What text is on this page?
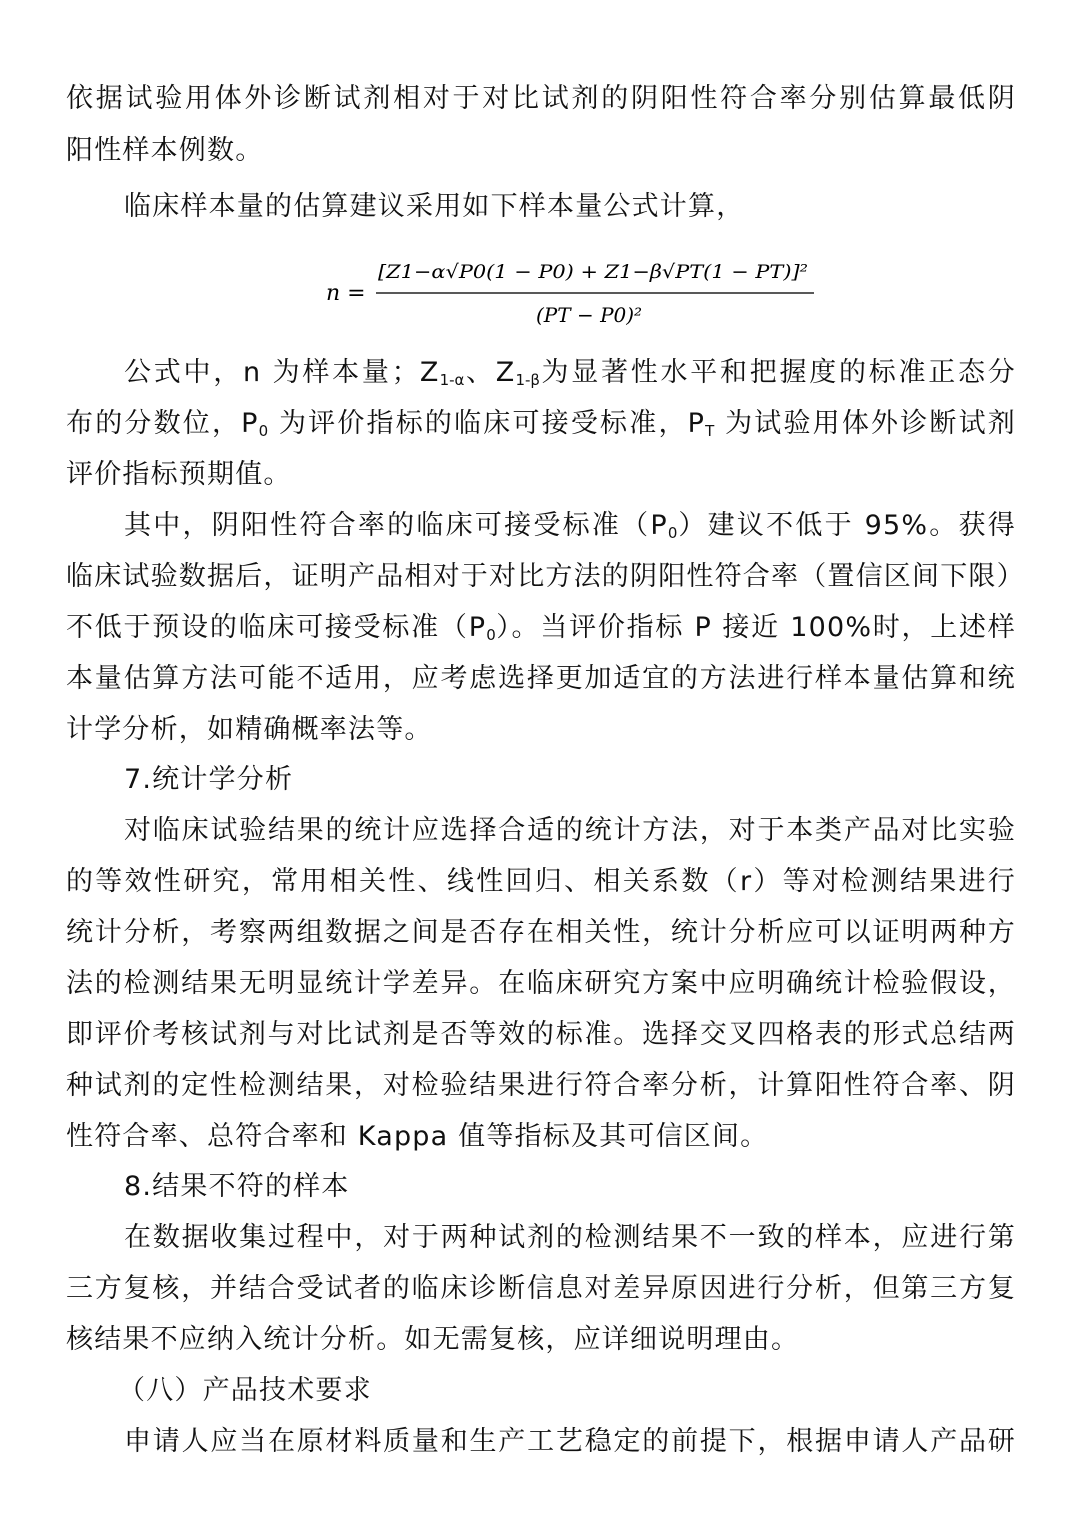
依据试验用体外诊断试剂相对于对比试剂的阴阳性符合率分别估算最低阴

阳性样本例数。

临床样本量的估算建议采用如下样本量公式计算，

n =
[Z1−α√P0(1 − P0) + Z1−β√PT(1 − PT)]²
(PT − P0)²

公式中，n 为样本量；$Z_{1-\alpha}$、$Z_{1-\beta}$为显著性水平和把握度的标准正态分

布的分数位，$P_0$ 为评价指标的临床可接受标准，$P_T$ 为试验用体外诊断试剂

评价指标预期值。

其中，阴阳性符合率的临床可接受标准$(P_0)$建议不低于 95%。获得

临床试验数据后，证明产品相对于对比方法的阴阳性符合率（置信区间下限）

不低于预设的临床可接受标准$(P_0)$。当评价指标 P 接近 100%时，上述样

本量估算方法可能不适用，应考虑选择更加适宜的方法进行样本量估算和统

计学分析，如精确概率法等。

7.统计学分析

对临床试验结果的统计应选择合适的统计方法，对于本类产品对比实验

的等效性研究，常用相关性、线性回归、相关系数（r）等对检测结果进行

统计分析，考察两组数据之间是否存在相关性，统计分析应可以证明两种方

法的检测结果无明显统计学差异。在临床研究方案中应明确统计检验假设，

即评价考核试剂与对比试剂是否等效的标准。选择交叉四格表的形式总结两

种试剂的定性检测结果，对检验结果进行符合率分析，计算阳性符合率、阴

性符合率、总符合率和 Kappa 值等指标及其可信区间。

8.结果不符的样本

在数据收集过程中，对于两种试剂的检测结果不一致的样本，应进行第

三方复核，并结合受试者的临床诊断信息对差异原因进行分析，但第三方复

核结果不应纳入统计分析。如无需复核，应详细说明理由。

（八）产品技术要求

申请人应当在原材料质量和生产工艺稳定的前提下，根据申请人产品研
